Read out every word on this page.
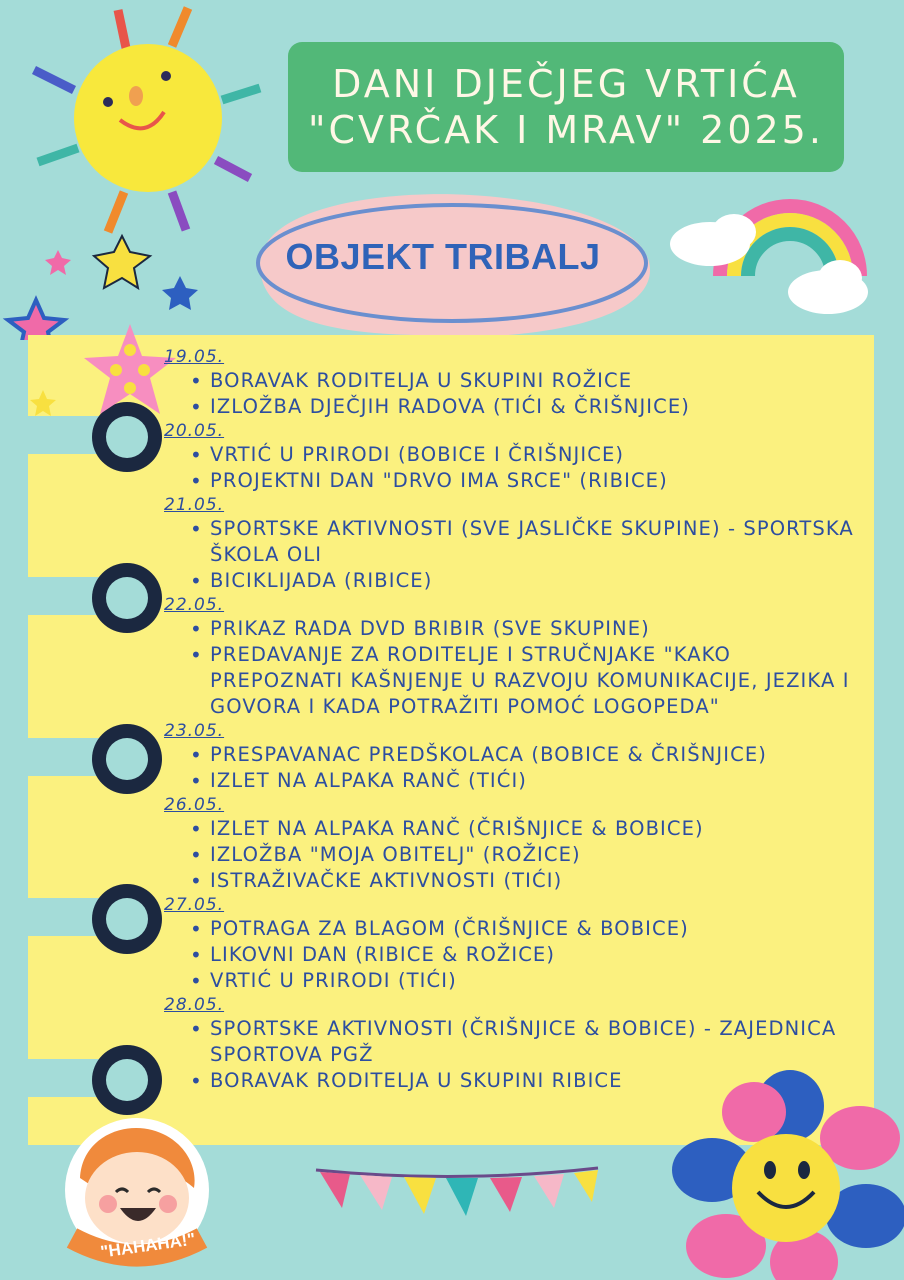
DANI DJEČJEG VRTIĆA
"CVRČAK I MRAV" 2025.
OBJEKT TRIBALJ
19.05.
• BORAVAK RODITELJA U SKUPINI ROŽICE
• IZLOŽBA DJEČJIH RADOVA (TIĆI & ČRIŠNJICE)
20.05.
• VRTIĆ U PRIRODI (BOBICE I ČRIŠNJICE)
• PROJEKTNI DAN "DRVO IMA SRCE" (RIBICE)
21.05.
• SPORTSKE AKTIVNOSTI (SVE JASLIČKE SKUPINE) - SPORTSKA ŠKOLA OLI
• BICIKLIJADA (RIBICE)
22.05.
• PRIKAZ RADA DVD BRIBIR (SVE SKUPINE)
• PREDAVANJE ZA RODITELJE I STRUČNJAKE "KAKO PREPOZNATI KAŠNJENJE U RAZVOJU KOMUNIKACIJE, JEZIKA I GOVORA I KADA POTRAŽITI POMOĆ LOGOPEDA"
23.05.
• PRESPAVANAC PREDŠKOLACA (BOBICE & ČRIŠNJICE)
• IZLET NA ALPAKA RANČ (TIĆI)
26.05.
• IZLET NA ALPAKA RANČ (ČRIŠNJICE & BOBICE)
• IZLOŽBA "MOJA OBITELJ" (ROŽICE)
• ISTRAŽIVAČKE AKTIVNOSTI (TIĆI)
27.05.
• POTRAGA ZA BLAGOM (ČRIŠNJICE & BOBICE)
• LIKOVNI DAN (RIBICE & ROŽICE)
• VRTIĆ U PRIRODI (TIĆI)
28.05.
• SPORTSKE AKTIVNOSTI (ČRIŠNJICE & BOBICE) - ZAJEDNICA SPORTOVA PGŽ
• BORAVAK RODITELJA U SKUPINI RIBICE
"HAHAHA!"
